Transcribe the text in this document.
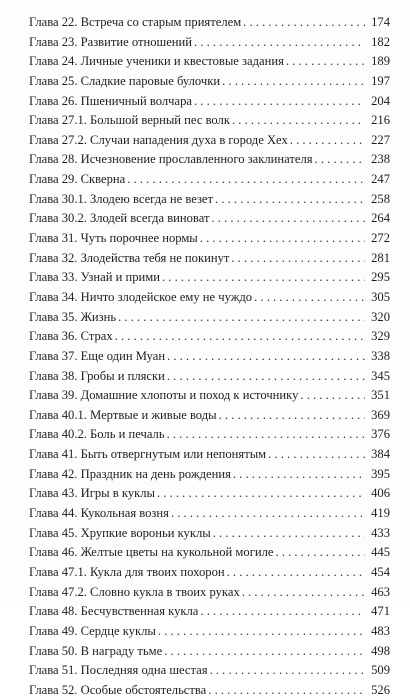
Глава 22. Встреча со старым приятелем . . .	174
Глава 23. Развитие отношений . . .	182
Глава 24. Личные ученики и квестовые задания . . .	189
Глава 25. Сладкие паровые булочки . . .	197
Глава 26. Пшеничный волчара . . .	204
Глава 27.1. Большой верный пес волк . . .	216
Глава 27.2. Случаи нападения духа в городе Хех . . .	227
Глава 28. Исчезновение прославленного заклинателя . . .	238
Глава 29. Скверна . . .	247
Глава 30.1. Злодею всегда не везет . . .	258
Глава 30.2. Злодей всегда виноват . . .	264
Глава 31. Чуть порочнее нормы . . .	272
Глава 32. Злодейства тебя не покинут . . .	281
Глава 33. Узнай и прими . . .	295
Глава 34. Ничто злодейское ему не чуждо . . .	305
Глава 35. Жизнь . . .	320
Глава 36. Страх . . .	329
Глава 37. Еще один Муан . . .	338
Глава 38. Гробы и пляски . . .	345
Глава 39. Домашние хлопоты и поход к источнику . . .	351
Глава 40.1. Мертвые и живые воды . . .	369
Глава 40.2. Боль и печаль . . .	376
Глава 41. Быть отвергнутым или непонятым . . .	384
Глава 42. Праздник на день рождения . . .	395
Глава 43. Игры в куклы . . .	406
Глава 44. Кукольная возня . . .	419
Глава 45. Хрупкие вороньи куклы . . .	433
Глава 46. Желтые цветы на кукольной могиле . . .	445
Глава 47.1. Кукла для твоих похорон . . .	454
Глава 47.2. Словно кукла в твоих руках . . .	463
Глава 48. Бесчувственная кукла . . .	471
Глава 49. Сердце куклы . . .	483
Глава 50. В награду тьме . . .	498
Глава 51. Последняя одна шестая . . .	509
Глава 52. Особые обстоятельства . . .	526
